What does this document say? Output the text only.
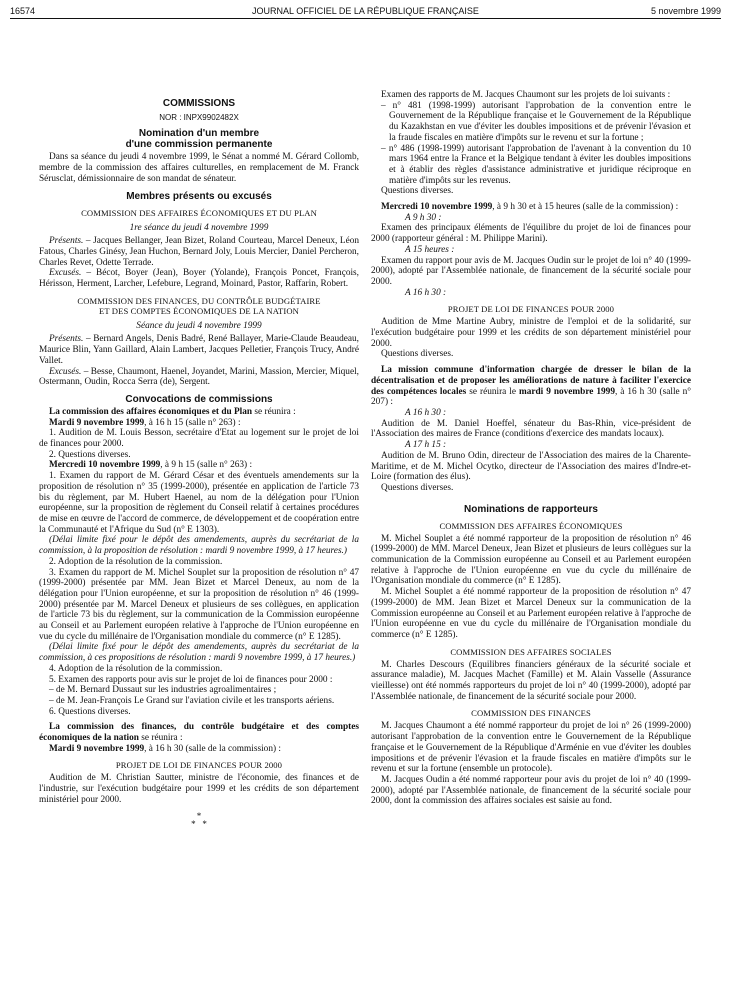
16574	JOURNAL OFFICIEL DE LA RÉPUBLIQUE FRANÇAISE	5 novembre 1999
COMMISSIONS
NOR : INPX9902482X
Nomination d'un membre
d'une commission permanente

Dans sa séance du jeudi 4 novembre 1999, le Sénat a nommé M. Gérard Collomb, membre de la commission des affaires culturelles, en remplacement de M. Franck Sérusclat, démissionnaire de son mandat de sénateur.

Membres présents ou excusés
COMMISSION DES AFFAIRES ÉCONOMIQUES ET DU PLAN
1re séance du jeudi 4 novembre 1999

Présents. – Jacques Bellanger, Jean Bizet, Roland Courteau, Marcel Deneux, Léon Fatous, Charles Ginésy, Jean Huchon, Bernard Joly, Louis Mercier, Daniel Percheron, Charles Revet, Odette Terrade.

Excusés. – Bécot, Boyer (Jean), Boyer (Yolande), François Poncet, François, Hérisson, Herment, Larcher, Lefebure, Legrand, Moinard, Pastor, Raffarin, Robert.

COMMISSION DES FINANCES, DU CONTRÔLE BUDGÉTAIRE
ET DES COMPTES ÉCONOMIQUES DE LA NATION
Séance du jeudi 4 novembre 1999

Présents. – Bernard Angels, Denis Badré, René Ballayer, Marie-Claude Beaudeau, Maurice Blin, Yann Gaillard, Alain Lambert, Jacques Pelletier, François Trucy, André Vallet.

Excusés. – Besse, Chaumont, Haenel, Joyandet, Marini, Massion, Mercier, Miquel, Ostermann, Oudin, Rocca Serra (de), Sergent.

Convocations de commissions

La commission des affaires économiques et du Plan se réunira :

Mardi 9 novembre 1999, à 16 h 15 (salle n° 263) :

1. Audition de M. Louis Besson, secrétaire d'Etat au logement sur le projet de loi de finances pour 2000.

2. Questions diverses.

Mercredi 10 novembre 1999, à 9 h 15 (salle n° 263) :

1. Examen du rapport de M. Gérard César et des éventuels amendements sur la proposition de résolution n° 35 (1999-2000), présentée en application de l'article 73 bis du règlement, par M. Hubert Haenel, au nom de la délégation pour l'Union européenne, sur la proposition de règlement du Conseil relatif à certaines procédures de mise en œuvre de l'accord de commerce, de développement et de coopération entre la Communauté et l'Afrique du Sud (n° E 1303).

(Délai limite fixé pour le dépôt des amendements, auprès du secrétariat de la commission, à la proposition de résolution : mardi 9 novembre 1999, à 17 heures.)

2. Adoption de la résolution de la commission.

3. Examen du rapport de M. Michel Souplet sur la proposition de résolution n° 47 (1999-2000) présentée par MM. Jean Bizet et Marcel Deneux, au nom de la délégation pour l'Union européenne, et sur la proposition de résolution n° 46 (1999-2000) présentée par M. Marcel Deneux et plusieurs de ses collègues, en application de l'article 73 bis du règlement, sur la communication de la Commission européenne au Conseil et au Parlement européen relative à l'approche de l'Union européenne en vue du cycle du millénaire de l'Organisation mondiale du commerce (n° E 1285).

(Délai limite fixé pour le dépôt des amendements, auprès du secrétariat de la commission, à ces propositions de résolution : mardi 9 novembre 1999, à 17 heures.)

4. Adoption de la résolution de la commission.

5. Examen des rapports pour avis sur le projet de loi de finances pour 2000 :

– de M. Bernard Dussaut sur les industries agroalimentaires ;
– de M. Jean-François Le Grand sur l'aviation civile et les transports aériens.

6. Questions diverses.

La commission des finances, du contrôle budgétaire et des comptes économiques de la nation se réunira :

Mardi 9 novembre 1999, à 16 h 30 (salle de la commission) :

PROJET DE LOI DE FINANCES POUR 2000

Audition de M. Christian Sautter, ministre de l'économie, des finances et de l'industrie, sur l'exécution budgétaire pour 1999 et les crédits de son département ministériel pour 2000.

*
*   *

Examen des rapports de M. Jacques Chaumont sur les projets de loi suivants :

– n° 481 (1998-1999) autorisant l'approbation de la convention entre le Gouvernement de la République française et le Gouvernement de la République du Kazakhstan en vue d'éviter les doubles impositions et de prévenir l'évasion et la fraude fiscales en matière d'impôts sur le revenu et sur la fortune ;
– n° 486 (1998-1999) autorisant l'approbation de l'avenant à la convention du 10 mars 1964 entre la France et la Belgique tendant à éviter les doubles impositions et à établir des règles d'assistance administrative et juridique réciproque en matière d'impôts sur les revenus.

Questions diverses.

Mercredi 10 novembre 1999, à 9 h 30 et à 15 heures (salle de la commission) :

A 9 h 30 :

Examen des principaux éléments de l'équilibre du projet de loi de finances pour 2000 (rapporteur général : M. Philippe Marini).

A 15 heures :

Examen du rapport pour avis de M. Jacques Oudin sur le projet de loi n° 40 (1999-2000), adopté par l'Assemblée nationale, de financement de la sécurité sociale pour 2000.

A 16 h 30 :

PROJET DE LOI DE FINANCES POUR 2000

Audition de Mme Martine Aubry, ministre de l'emploi et de la solidarité, sur l'exécution budgétaire pour 1999 et les crédits de son département ministériel pour 2000.

Questions diverses.

La mission commune d'information chargée de dresser le bilan de la décentralisation et de proposer les améliorations de nature à faciliter l'exercice des compétences locales se réunira le mardi 9 novembre 1999, à 16 h 30 (salle n° 207) :

A 16 h 30 :

Audition de M. Daniel Hoeffel, sénateur du Bas-Rhin, vice-président de l'Association des maires de France (conditions d'exercice des mandats locaux).

A 17 h 15 :

Audition de M. Bruno Odin, directeur de l'Association des maires de la Charente-Maritime, et de M. Michel Ocytko, directeur de l'Association des maires d'Indre-et-Loire (formation des élus).

Questions diverses.

Nominations de rapporteurs
COMMISSION DES AFFAIRES ÉCONOMIQUES

M. Michel Souplet a été nommé rapporteur de la proposition de résolution n° 46 (1999-2000) de MM. Marcel Deneux, Jean Bizet et plusieurs de leurs collègues sur la communication de la Commission européenne au Conseil et au Parlement européen relative à l'approche de l'Union européenne en vue du cycle du millénaire de l'Organisation mondiale du commerce (n° E 1285).

M. Michel Souplet a été nommé rapporteur de la proposition de résolution n° 47 (1999-2000) de MM. Jean Bizet et Marcel Deneux sur la communication de la Commission européenne au Conseil et au Parlement européen relative à l'approche de l'Union européenne en vue du cycle du millénaire de l'Organisation mondiale du commerce (n° E 1285).

COMMISSION DES AFFAIRES SOCIALES

M. Charles Descours (Equilibres financiers généraux de la sécurité sociale et assurance maladie), M. Jacques Machet (Famille) et M. Alain Vasselle (Assurance vieillesse) ont été nommés rapporteurs du projet de loi n° 40 (1999-2000), adopté par l'Assemblée nationale, de financement de la sécurité sociale pour 2000.

COMMISSION DES FINANCES

M. Jacques Chaumont a été nommé rapporteur du projet de loi n° 26 (1999-2000) autorisant l'approbation de la convention entre le Gouvernement de la République française et le Gouvernement de la République d'Arménie en vue d'éviter les doubles impositions et de prévenir l'évasion et la fraude fiscales en matière d'impôts sur le revenu et sur la fortune (ensemble un protocole).

M. Jacques Oudin a été nommé rapporteur pour avis du projet de loi n° 40 (1999-2000), adopté par l'Assemblée nationale, de financement de la sécurité sociale pour 2000, dont la commission des affaires sociales est saisie au fond.
